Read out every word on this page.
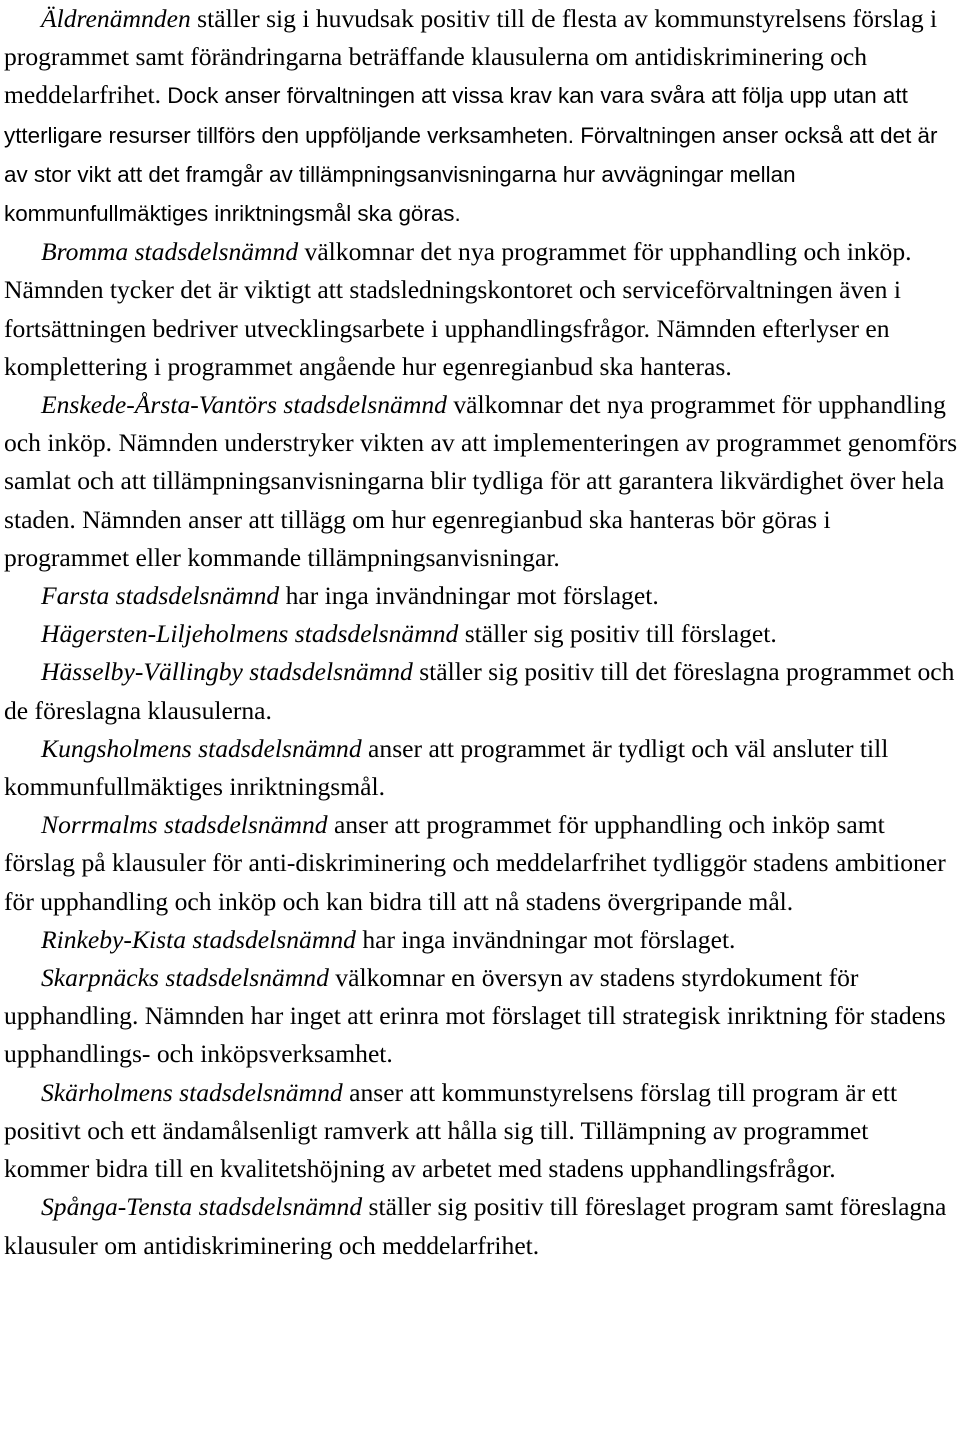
Äldrenämnden ställer sig i huvudsak positiv till de flesta av kommunstyrelsens förslag i programmet samt förändringarna beträffande klausulerna om antidiskriminering och meddelarfrihet. Dock anser förvaltningen att vissa krav kan vara svåra att följa upp utan att ytterligare resurser tillförs den uppföljande verksamheten. Förvaltningen anser också att det är av stor vikt att det framgår av tillämpningsanvisningarna hur avvägningar mellan kommunfullmäktiges inriktningsmål ska göras.

Bromma stadsdelsnämnd välkomnar det nya programmet för upphandling och inköp. Nämnden tycker det är viktigt att stadsledningskontoret och serviceförvaltningen även i fortsättningen bedriver utvecklingsarbete i upphandlingsfrågor. Nämnden efterlyser en komplettering i programmet angående hur egenregianbud ska hanteras.

Enskede-Årsta-Vantörs stadsdelsnämnd välkomnar det nya programmet för upphandling och inköp. Nämnden understryker vikten av att implementeringen av programmet genomförs samlat och att tillämpningsanvisningarna blir tydliga för att garantera likvärdighet över hela staden. Nämnden anser att tillägg om hur egenregianbud ska hanteras bör göras i programmet eller kommande tillämpningsanvisningar.

Farsta stadsdelsnämnd har inga invändningar mot förslaget.

Hägersten-Liljeholmens stadsdelsnämnd ställer sig positiv till förslaget.

Hässelby-Vällingby stadsdelsnämnd ställer sig positiv till det föreslagna programmet och de föreslagna klausulerna.

Kungsholmens stadsdelsnämnd anser att programmet är tydligt och väl ansluter till kommunfullmäktiges inriktningsmål.

Norrmalms stadsdelsnämnd anser att programmet för upphandling och inköp samt förslag på klausuler för anti-diskriminering och meddelarfrihet tydliggör stadens ambitioner för upphandling och inköp och kan bidra till att nå stadens övergripande mål.

Rinkeby-Kista stadsdelsnämnd har inga invändningar mot förslaget.

Skarpnäcks stadsdelsnämnd välkomnar en översyn av stadens styrdokument för upphandling. Nämnden har inget att erinra mot förslaget till strategisk inriktning för stadens upphandlings- och inköpsverksamhet.

Skärholmens stadsdelsnämnd anser att kommunstyrelsens förslag till program är ett positivt och ett ändamålsenligt ramverk att hålla sig till. Tillämpning av programmet kommer bidra till en kvalitetshöjning av arbetet med stadens upphandlingsfrågor.

Spånga-Tensta stadsdelsnämnd ställer sig positiv till föreslaget program samt föreslagna klausuler om antidiskriminering och meddelarfrihet.
